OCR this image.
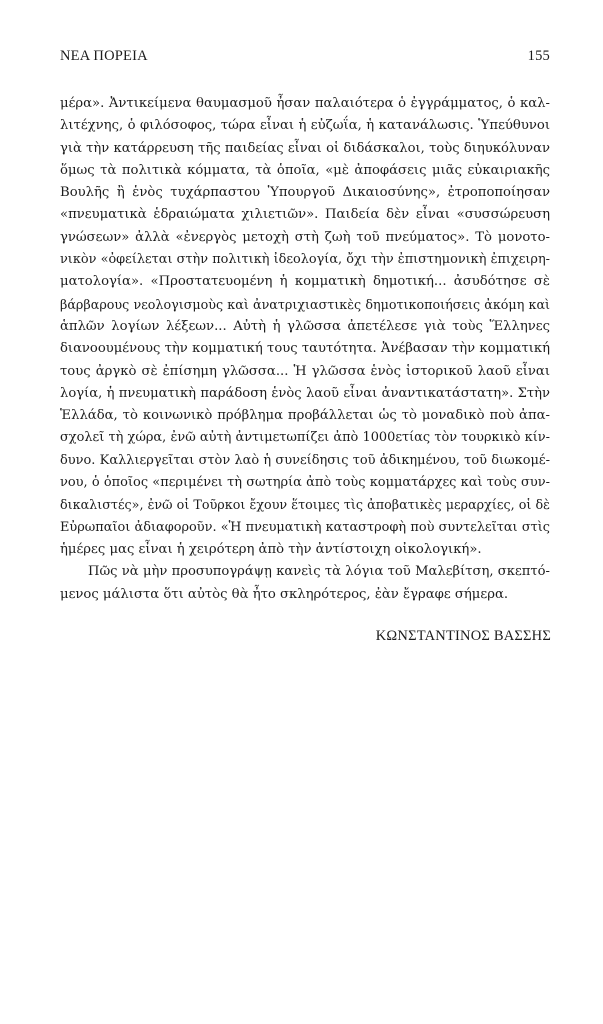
ΝΕΑ ΠΟΡΕΙΑ	155
μέρα». Ἀντικείμενα θαυμασμοῦ ἦσαν παλαιότερα ὁ ἐγγράμματος, ὁ καλ-
λιτέχνης, ὁ φιλόσοφος, τώρα εἶναι ἡ εὐζωΐα, ἡ κατανάλωσις. Ὑπεύθυνοι
γιὰ τὴν κατάρρευση τῆς παιδείας εἶναι οἱ διδάσκαλοι, τοὺς διηυκόλυναν
ὅμως τὰ πολιτικὰ κόμματα, τὰ ὁποῖα, «μὲ ἀποφάσεις μιᾶς εὐκαιριακῆς
Βουλῆς ἢ ἑνὸς τυχάρπαστου Ὑπουργοῦ Δικαιοσύνης», ἐτροποποίησαν
«πνευματικὰ ἑδραιώματα χιλιετιῶν». Παιδεία δὲν εἶναι «συσσώρευση
γνώσεων» ἀλλὰ «ἐνεργὸς μετοχὴ στὴ ζωὴ τοῦ πνεύματος». Τὸ μονοτο-
νικὸν «ὀφείλεται στὴν πολιτικὴ ἰδεολογία, ὄχι τὴν ἐπιστημονικὴ ἐπιχειρη-
ματολογία». «Προστατευομένη ἡ κομματικὴ δημοτική... ἀσυδότησε σὲ
βάρβαρους νεολογισμοὺς καὶ ἀνατριχιαστικὲς δημοτικοποιήσεις ἀκόμη καὶ
ἁπλῶν λογίων λέξεων... Αὐτὴ ἡ γλῶσσα ἀπετέλεσε γιὰ τοὺς Ἕλληνες
διανοουμένους τὴν κομματική τους ταυτότητα. Ἀνέβασαν τὴν κομματική
τους ἀργκὸ σὲ ἐπίσημη γλῶσσα... Ἡ γλῶσσα ἑνὸς ἱστορικοῦ λαοῦ εἶναι
λογία, ἡ πνευματικὴ παράδοση ἑνὸς λαοῦ εἶναι ἀναντικατάστατη». Στὴν
Ἑλλάδα, τὸ κοινωνικὸ πρόβλημα προβάλλεται ὡς τὸ μοναδικὸ ποὺ ἀπα-
σχολεῖ τὴ χώρα, ἐνῶ αὐτὴ ἀντιμετωπίζει ἀπὸ 1000ετίας τὸν τουρκικὸ κίν-
δυνο. Καλλιεργεῖται στὸν λαὸ ἡ συνείδησις τοῦ ἀδικημένου, τοῦ διωκομέ-
νου, ὁ ὁποῖος «περιμένει τὴ σωτηρία ἀπὸ τοὺς κομματάρχες καὶ τοὺς συν-
δικαλιστές», ἐνῶ οἱ Τοῦρκοι ἔχουν ἕτοιμες τὶς ἀποβατικὲς μεραρχίες, οἱ δὲ
Εὐρωπαῖοι ἀδιαφοροῦν. «Ἡ πνευματικὴ καταστροφὴ ποὺ συντελεῖται στὶς
ἡμέρες μας εἶναι ἡ χειρότερη ἀπὸ τὴν ἀντίστοιχη οἰκολογική».
Πῶς νὰ μὴν προσυπογράψῃ κανεὶς τὰ λόγια τοῦ Μαλεβίτση, σκεπτό-
μενος μάλιστα ὅτι αὐτὸς θὰ ἦτο σκληρότερος, ἐὰν ἔγραφε σήμερα.
ΚΩΝΣΤΑΝΤΙΝΟΣ ΒΑΣΣΗΣ
